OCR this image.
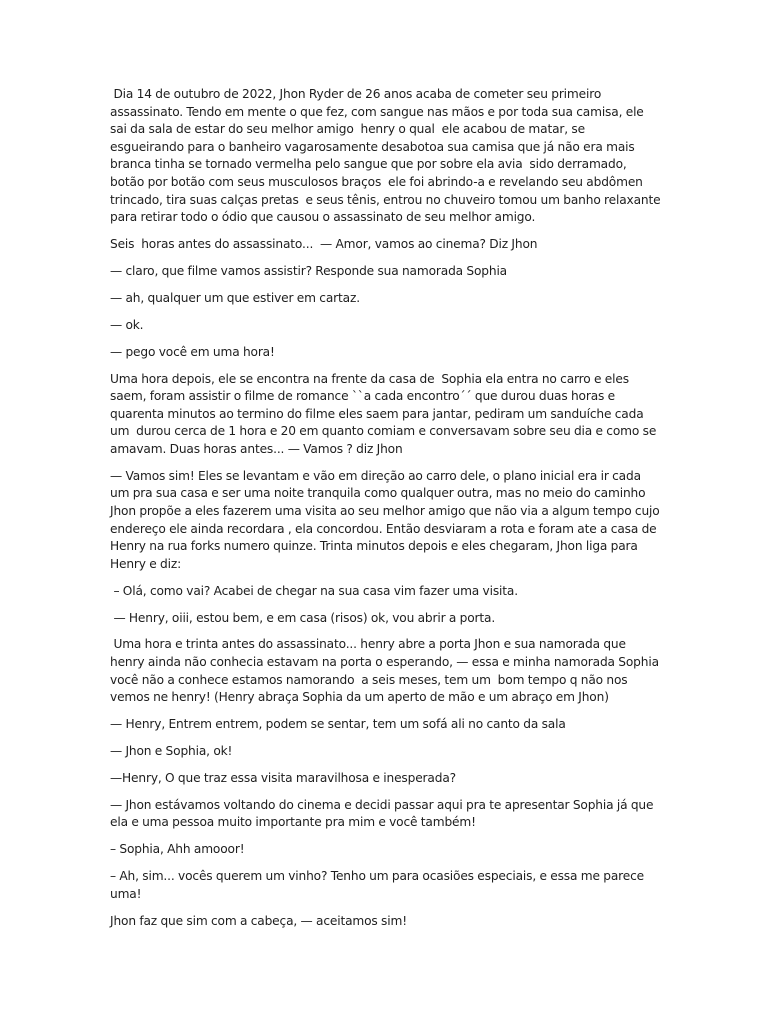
Dia 14 de outubro de 2022, Jhon Ryder de 26 anos acaba de cometer seu primeiro assassinato. Tendo em mente o que fez, com sangue nas mãos e por toda sua camisa, ele sai da sala de estar do seu melhor amigo  henry o qual  ele acabou de matar, se esgueirando para o banheiro vagarosamente desabotoa sua camisa que já não era mais branca tinha se tornado vermelha pelo sangue que por sobre ela avia  sido derramado, botão por botão com seus musculosos braços  ele foi abrindo-a e revelando seu abdômen  trincado, tira suas calças pretas  e seus tênis, entrou no chuveiro tomou um banho relaxante para retirar todo o ódio que causou o assassinato de seu melhor amigo.

Seis  horas antes do assassinato...  — Amor, vamos ao cinema? Diz Jhon

— claro, que filme vamos assistir? Responde sua namorada Sophia

— ah, qualquer um que estiver em cartaz.

— ok.

— pego você em uma hora!

Uma hora depois, ele se encontra na frente da casa de  Sophia ela entra no carro e eles saem, foram assistir o filme de romance ``a cada encontro´´ que durou duas horas e quarenta minutos ao termino do filme eles saem para jantar, pediram um sanduíche cada um  durou cerca de 1 hora e 20 em quanto comiam e conversavam sobre seu dia e como se amavam. Duas horas antes... — Vamos ? diz Jhon

— Vamos sim! Eles se levantam e vão em direção ao carro dele, o plano inicial era ir cada um pra sua casa e ser uma noite tranquila como qualquer outra, mas no meio do caminho Jhon propõe a eles fazerem uma visita ao seu melhor amigo que não via a algum tempo cujo endereço ele ainda recordara , ela concordou. Então desviaram a rota e foram ate a casa de Henry na rua forks numero quinze. Trinta minutos depois e eles chegaram, Jhon liga para Henry e diz:

– Olá, como vai? Acabei de chegar na sua casa vim fazer uma visita.

— Henry, oiii, estou bem, e em casa (risos) ok, vou abrir a porta.

Uma hora e trinta antes do assassinato... henry abre a porta Jhon e sua namorada que henry ainda não conhecia estavam na porta o esperando, — essa e minha namorada Sophia você não a conhece estamos namorando  a seis meses, tem um  bom tempo q não nos vemos ne henry! (Henry abraça Sophia da um aperto de mão e um abraço em Jhon)

— Henry, Entrem entrem, podem se sentar, tem um sofá ali no canto da sala

— Jhon e Sophia, ok!

—Henry, O que traz essa visita maravilhosa e inesperada?

— Jhon estávamos voltando do cinema e decidi passar aqui pra te apresentar Sophia já que ela e uma pessoa muito importante pra mim e você também!

– Sophia, Ahh amooor!

– Ah, sim... vocês querem um vinho? Tenho um para ocasiões especiais, e essa me parece uma!

Jhon faz que sim com a cabeça, — aceitamos sim!
